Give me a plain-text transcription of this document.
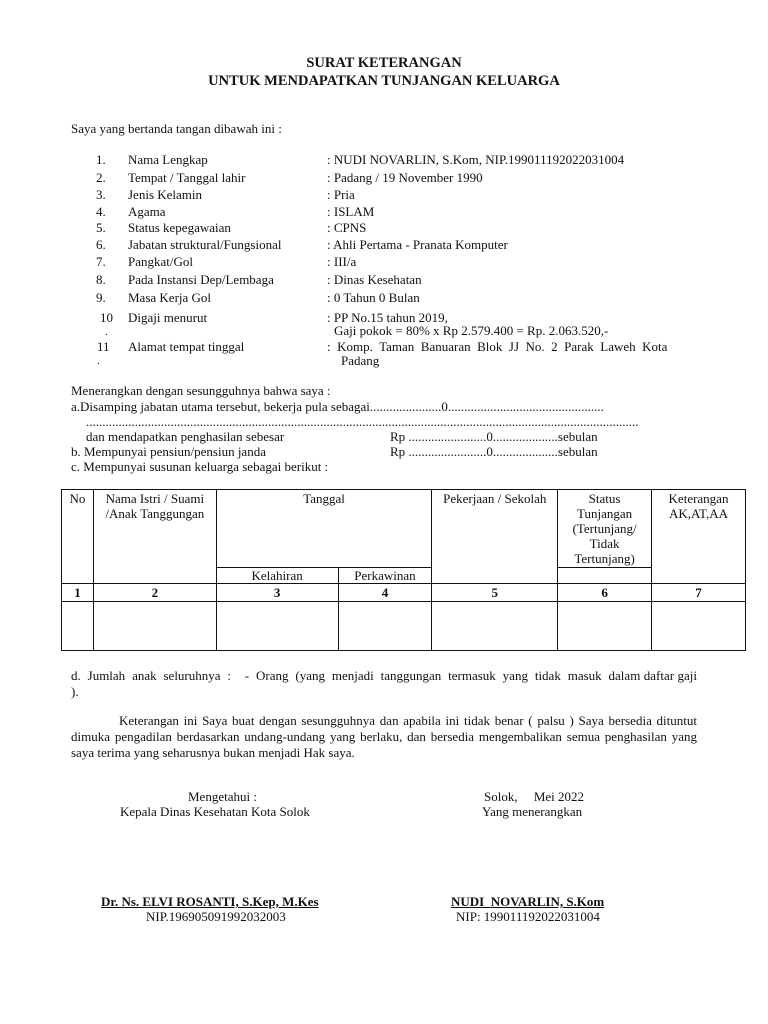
SURAT KETERANGAN
UNTUK MENDAPATKAN TUNJANGAN KELUARGA
Saya yang bertanda tangan dibawah ini :
1. Nama Lengkap	: NUDI NOVARLIN, S.Kom, NIP.199011192022031004
2. Tempat / Tanggal lahir	: Padang / 19 November 1990
3. Jenis Kelamin	: Pria
4. Agama	: ISLAM
5. Status kepegawaian	: CPNS
6. Jabatan struktural/Fungsional	: Ahli Pertama - Pranata Komputer
7. Pangkat/Gol	: III/a
8. Pada Instansi Dep/Lembaga	: Dinas Kesehatan
9. Masa Kerja Gol	: 0 Tahun 0 Bulan
10
.
Digaji menurut	: PP No.15 tahun 2019,
Gaji pokok = 80% x Rp 2.579.400 = Rp. 2.063.520,-
11
.
Alamat tempat tinggal	:  Komp.  Taman  Banuaran  Blok  JJ  No.  2  Parak  Laweh  Kota
Padang
Menerangkan dengan sesungguhnya bahwa saya :
a.Disamping jabatan utama tersebut, bekerja pula sebagai......................0................................................
..........................................................................................................................................................................
dan mendapatkan penghasilan sebesar	Rp ........................0....................sebulan
b. Mempunyai pensiun/pensiun janda	Rp ........................0....................sebulan
c. Mempunyai susunan keluarga sebagai berikut :
No	Nama Istri / Suami /Anak Tanggungan	Tanggal		Pekerjaan / Sekolah	Status Tunjangan (Tertunjang/ Tidak Tertunjang)	Keterangan AK,AT,AA
		Kelahiran	Perkawinan			
1	2	3	4	5	6	7

d.  Jumlah  anak  seluruhnya  :    -  Orang  (yang  menjadi  tanggungan  termasuk  yang  tidak  masuk  dalam daftar gaji ).
Keterangan ini Saya buat dengan sesungguhnya dan apabila ini tidak benar ( palsu ) Saya bersedia dituntut dimuka pengadilan berdasarkan undang-undang yang berlaku, dan bersedia mengembalikan semua penghasilan yang saya terima yang seharusnya bukan menjadi Hak saya.
Mengetahui :
Kepala Dinas Kesehatan Kota Solok
Solok,     Mei 2022
Yang menerangkan
Dr. Ns. ELVI ROSANTI, S.Kep, M.Kes
NIP.196905091992032003
NUDI  NOVARLIN, S.Kom
NIP: 199011192022031004
